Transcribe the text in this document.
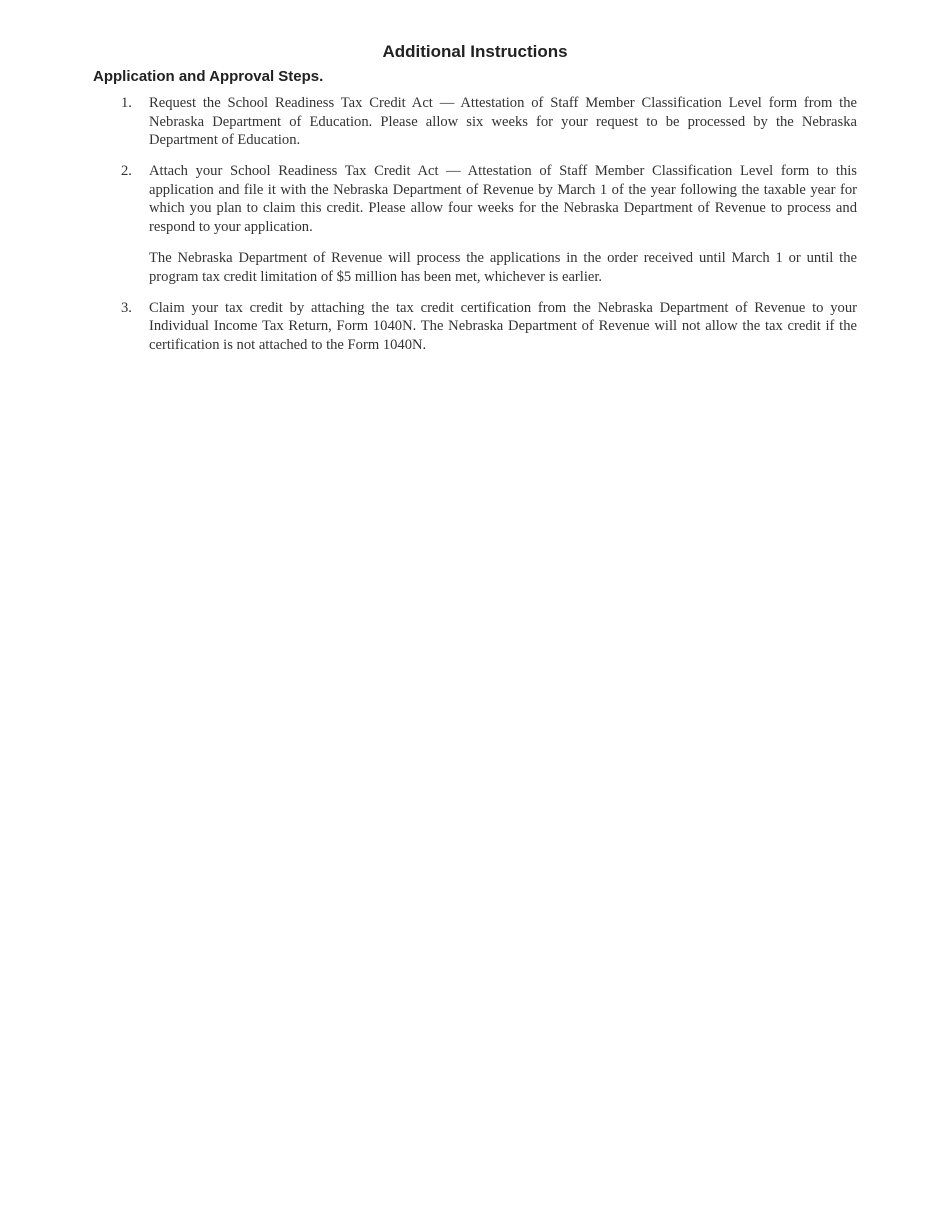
Additional Instructions
Application and Approval Steps.
1. Request the School Readiness Tax Credit Act — Attestation of Staff Member Classification Level form from the Nebraska Department of Education. Please allow six weeks for your request to be processed by the Nebraska Department of Education.

2. Attach your School Readiness Tax Credit Act — Attestation of Staff Member Classification Level form to this application and file it with the Nebraska Department of Revenue by March 1 of the year following the taxable year for which you plan to claim this credit. Please allow four weeks for the Nebraska Department of Revenue to process and respond to your application.

The Nebraska Department of Revenue will process the applications in the order received until March 1 or until the program tax credit limitation of $5 million has been met, whichever is earlier.

3. Claim your tax credit by attaching the tax credit certification from the Nebraska Department of Revenue to your Individual Income Tax Return, Form 1040N. The Nebraska Department of Revenue will not allow the tax credit if the certification is not attached to the Form 1040N.
